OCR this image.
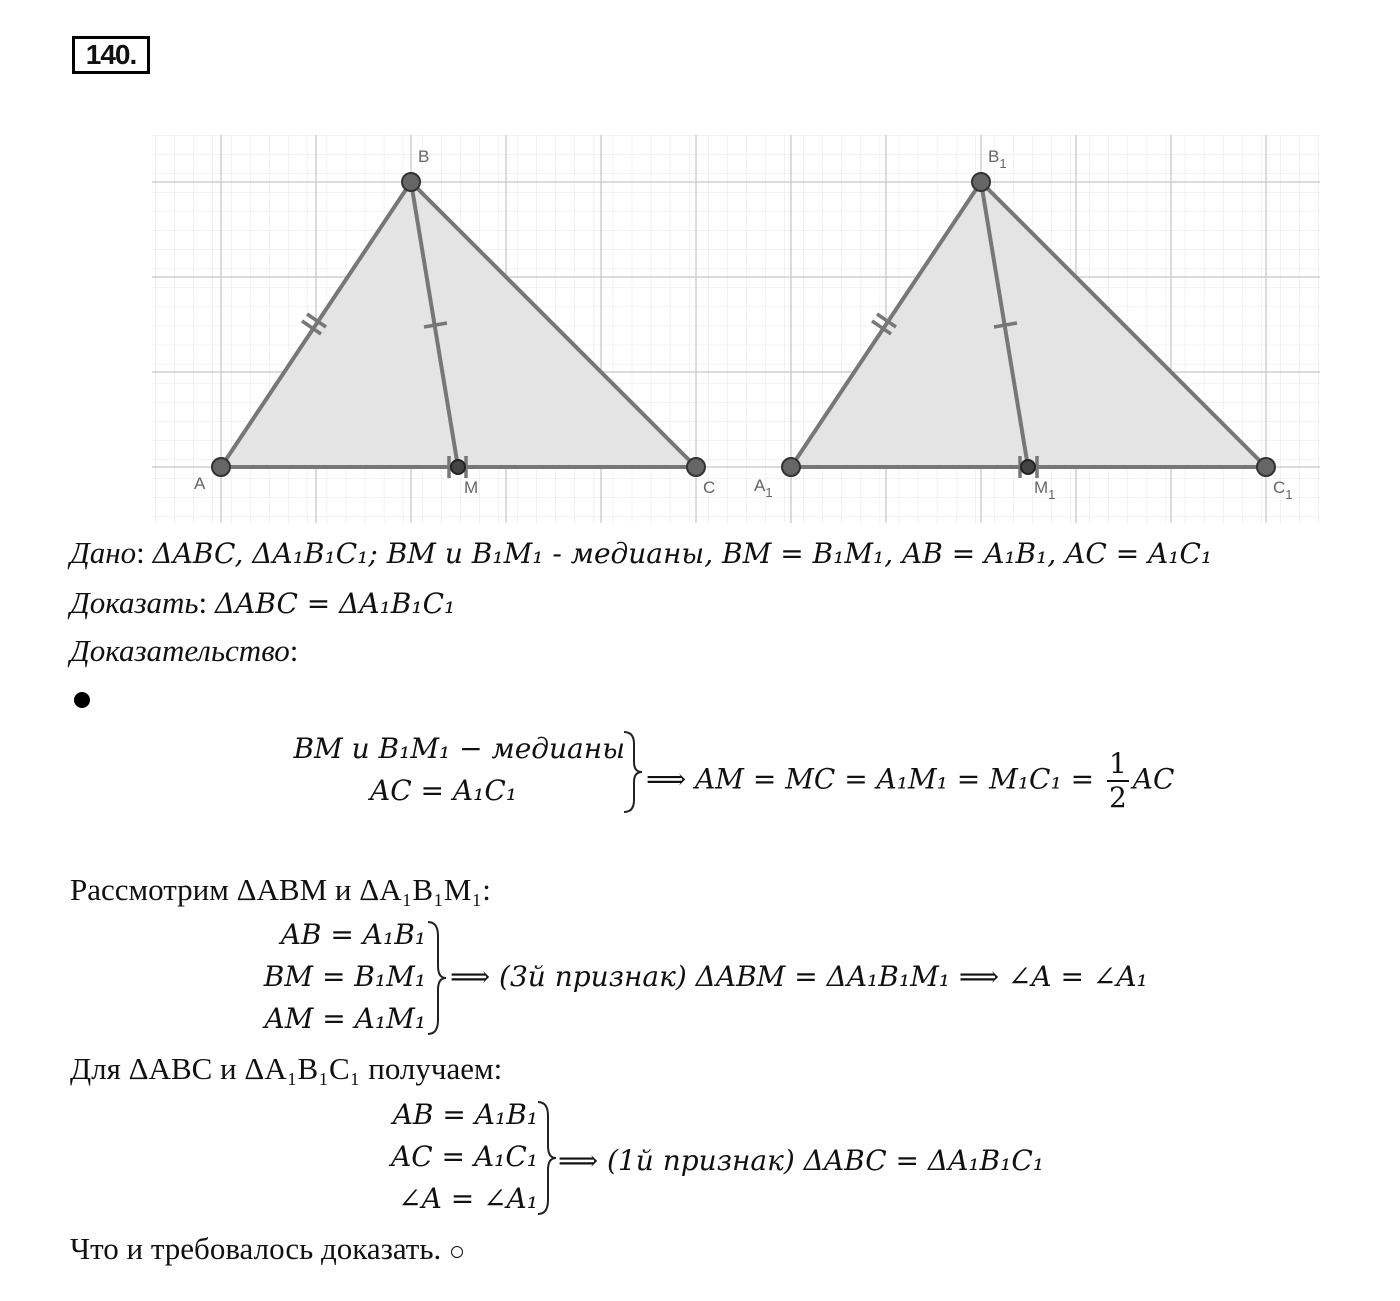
140.
A
B
C
M	$A_1$
$B_1$
$C_1$
$M_1$
Дано: ΔABC, ΔA₁B₁C₁; BM и B₁M₁ - медианы, BM = B₁M₁, AB = A₁B₁, AC = A₁C₁
Доказать: ΔABC = ΔA₁B₁C₁
Доказательство:
BM и B₁M₁ − медианы
AC = A₁C₁	⟹ AM = MC = $A_1M_1 = M_1C_1 = \frac{1}{2}$ AC
Рассмотрим ΔABM и ΔA₁B₁M₁:
AB = A₁B₁
BM = B₁M₁
AM = A₁M₁
⟹ (3й признак) ΔABM = ΔA₁B₁M₁ ⟹ ∠A = ∠A₁
Для ΔABC и ΔA₁B₁C₁ получаем:
AB = A₁B₁
AC = A₁C₁
∠A = ∠A₁
⟹ (1й признак) ΔABC = ΔA₁B₁C₁
Что и требовалось доказать.
